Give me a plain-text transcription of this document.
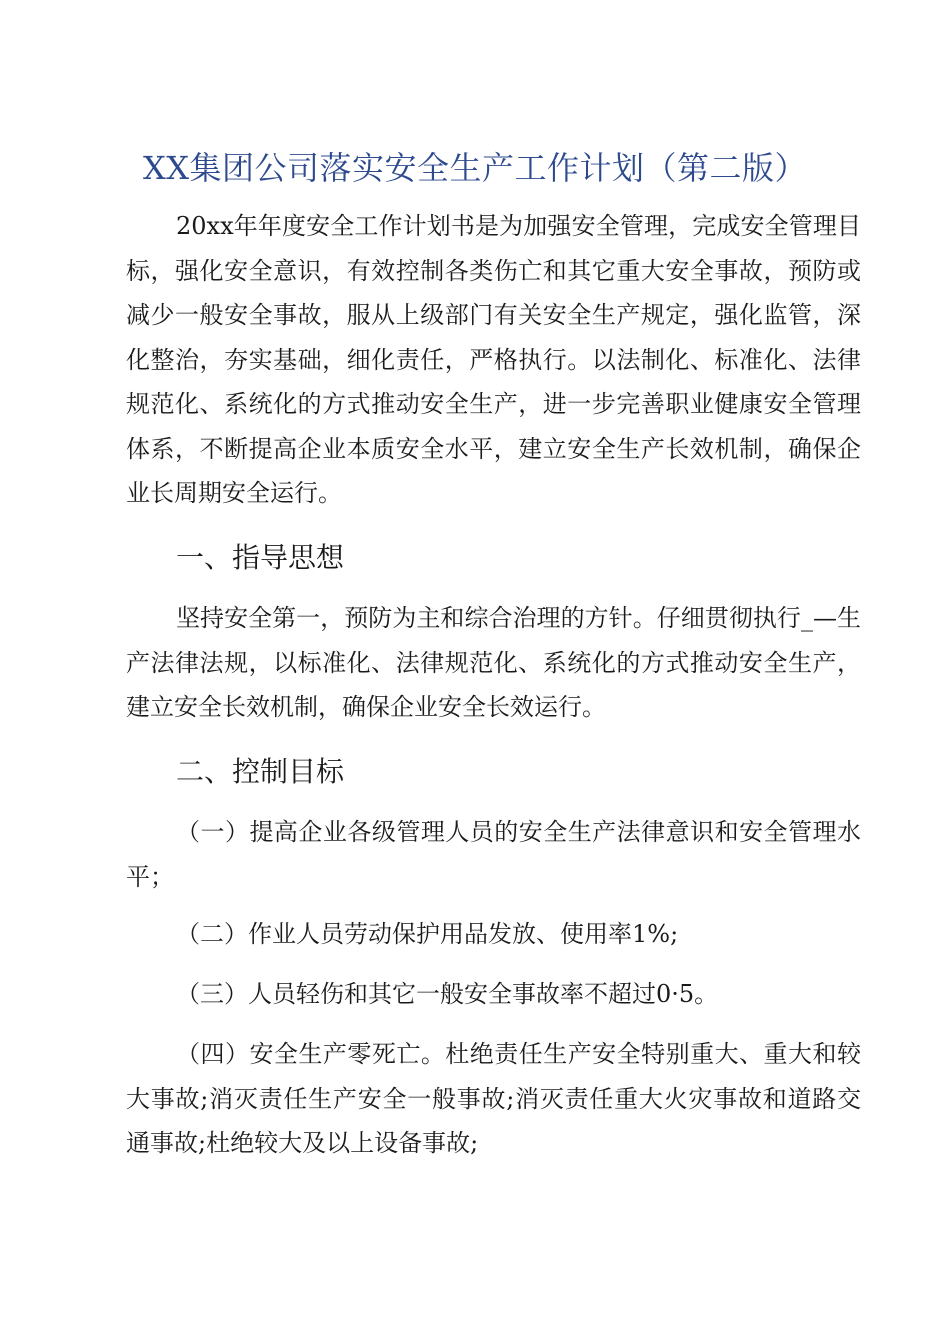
XX集团公司落实安全生产工作计划（第二版）

20xx年年度安全工作计划书是为加强安全管理，完成安全管理目标，强化安全意识，有效控制各类伤亡和其它重大安全事故，预防或减少一般安全事故，服从上级部门有关安全生产规定，强化监管，深化整治，夯实基础，细化责任，严格执行。以法制化、标准化、法律规范化、系统化的方式推动安全生产，进一步完善职业健康安全管理体系，不断提高企业本质安全水平，建立安全生产长效机制，确保企业长周期安全运行。

一、指导思想

坚持安全第一，预防为主和综合治理的方针。仔细贯彻执行_—生产法律法规，以标准化、法律规范化、系统化的方式推动安全生产，建立安全长效机制，确保企业安全长效运行。

二、控制目标

（一）提高企业各级管理人员的安全生产法律意识和安全管理水平；

（二）作业人员劳动保护用品发放、使用率1%;

（三）人员轻伤和其它一般安全事故率不超过0·5。

（四）安全生产零死亡。杜绝责任生产安全特别重大、重大和较大事故;消灭责任生产安全一般事故;消灭责任重大火灾事故和道路交通事故;杜绝较大及以上设备事故;
